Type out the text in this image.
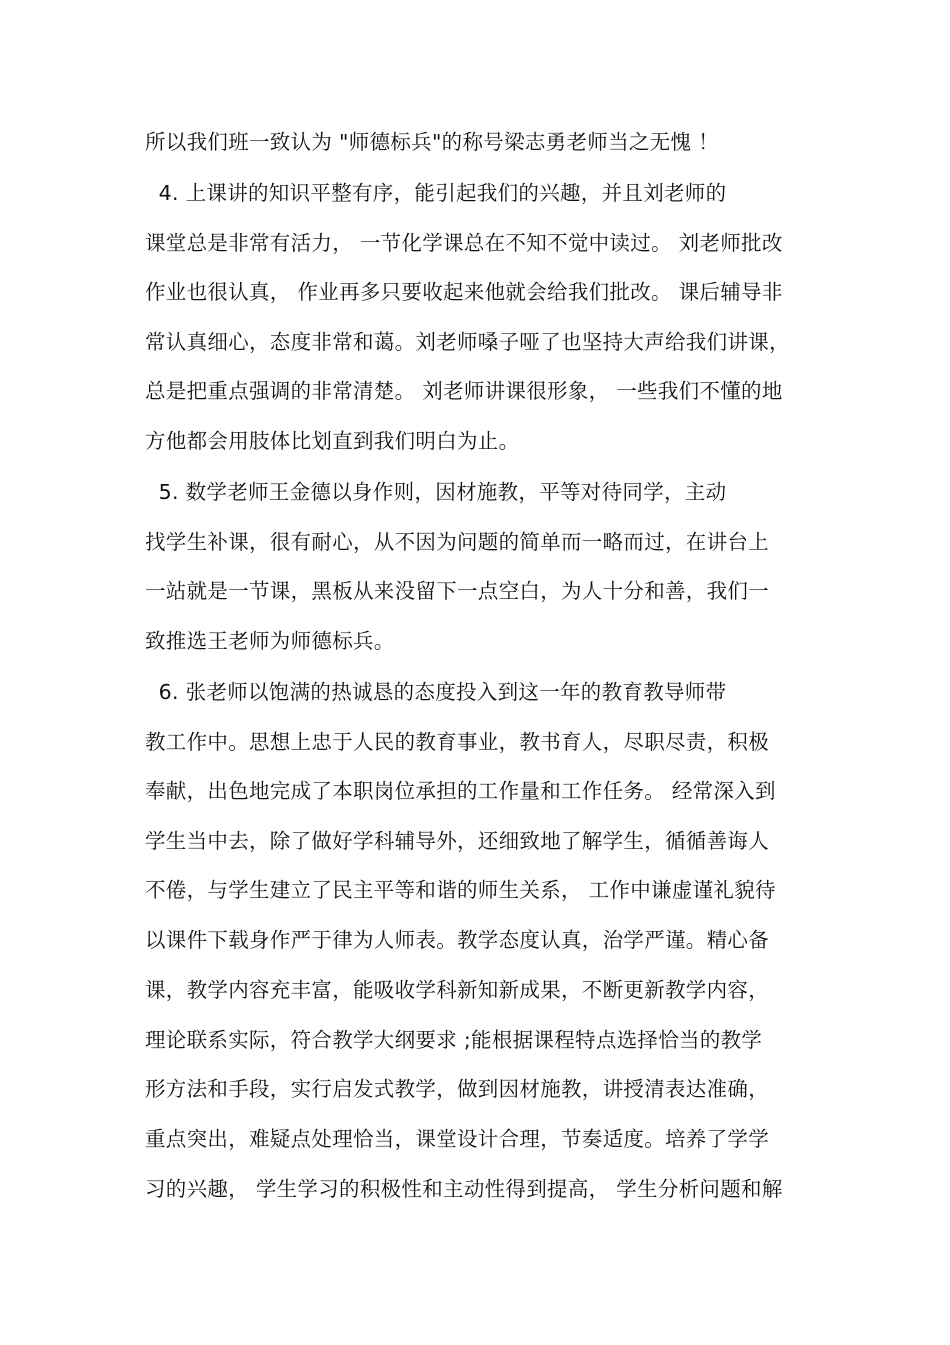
所以我们班一致认为 "师德标兵"的称号梁志勇老师当之无愧 ！
4. 上课讲的知识平整有序，能引起我们的兴趣，并且刘老师的
课堂总是非常有活力， 一节化学课总在不知不觉中读过。 刘老师批改
作业也很认真， 作业再多只要收起来他就会给我们批改。 课后辅导非
常认真细心，态度非常和蔼。刘老师嗓子哑了也坚持大声给我们讲课，
总是把重点强调的非常清楚。 刘老师讲课很形象， 一些我们不懂的地
方他都会用肢体比划直到我们明白为止。
5. 数学老师王金德以身作则，因材施教，平等对待同学，主动
找学生补课，很有耐心，从不因为问题的简单而一略而过，在讲台上
一站就是一节课，黑板从来没留下一点空白，为人十分和善，我们一
致推选王老师为师德标兵。
6. 张老师以饱满的热诚恳的态度投入到这一年的教育教导师带
教工作中。思想上忠于人民的教育事业，教书育人，尽职尽责，积极
奉献，出色地完成了本职岗位承担的工作量和工作任务。 经常深入到
学生当中去，除了做好学科辅导外，还细致地了解学生，循循善诲人
不倦，与学生建立了民主平等和谐的师生关系， 工作中谦虚谨礼貌待
以课件下载身作严于律为人师表。教学态度认真，治学严谨。精心备
课，教学内容充丰富，能吸收学科新知新成果，不断更新教学内容，
理论联系实际，符合教学大纲要求 ;能根据课程特点选择恰当的教学
形方法和手段，实行启发式教学，做到因材施教，讲授清表达准确，
重点突出，难疑点处理恰当，课堂设计合理，节奏适度。培养了学学
习的兴趣， 学生学习的积极性和主动性得到提高， 学生分析问题和解
